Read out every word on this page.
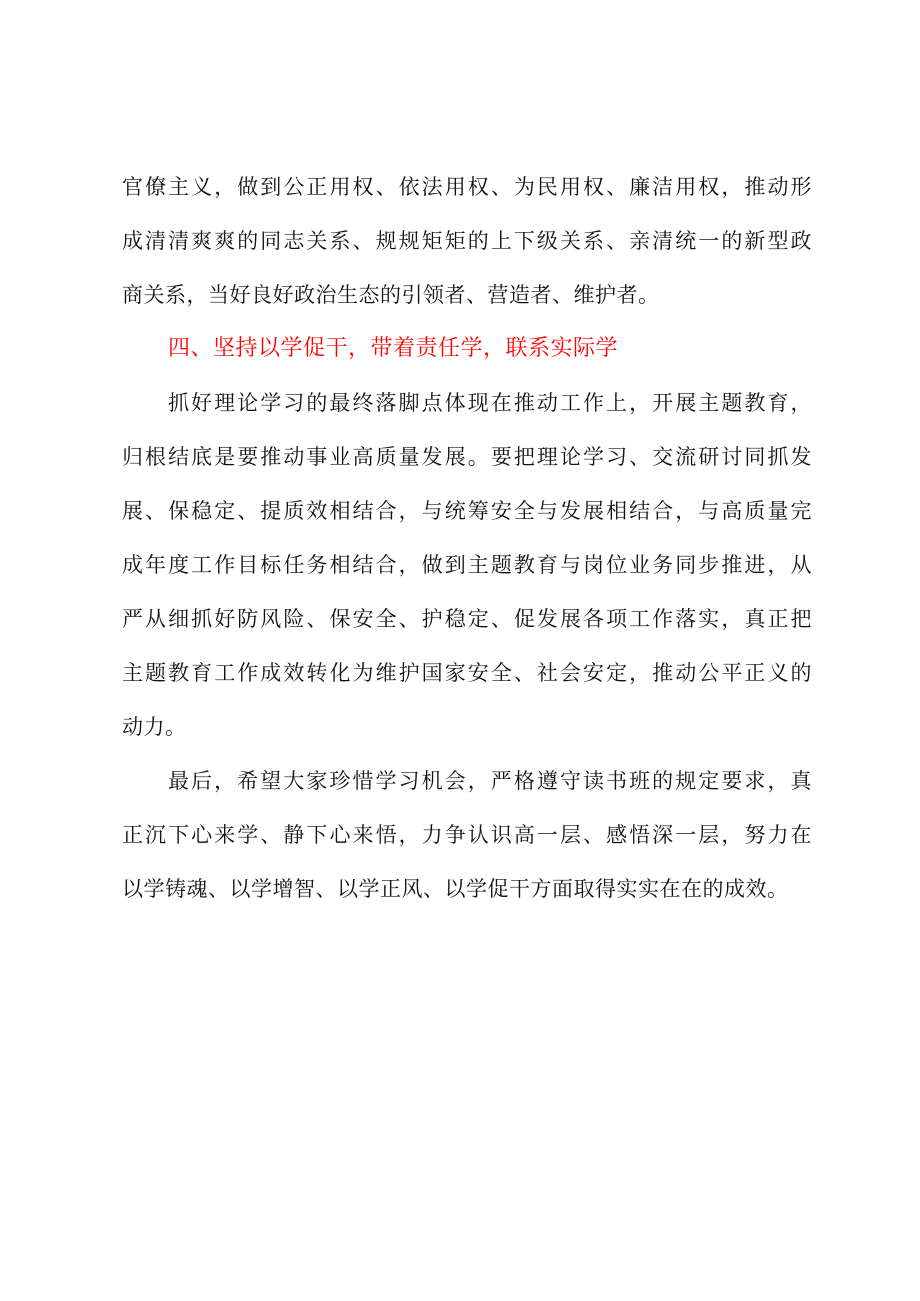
官僚主义，做到公正用权、依法用权、为民用权、廉洁用权，推动形
成清清爽爽的同志关系、规规矩矩的上下级关系、亲清统一的新型政
商关系，当好良好政治生态的引领者、营造者、维护者。
四、坚持以学促干，带着责任学，联系实际学
抓好理论学习的最终落脚点体现在推动工作上，开展主题教育，
归根结底是要推动事业高质量发展。要把理论学习、交流研讨同抓发
展、保稳定、提质效相结合，与统筹安全与发展相结合，与高质量完
成年度工作目标任务相结合，做到主题教育与岗位业务同步推进，从
严从细抓好防风险、保安全、护稳定、促发展各项工作落实，真正把
主题教育工作成效转化为维护国家安全、社会安定，推动公平正义的
动力。
最后，希望大家珍惜学习机会，严格遵守读书班的规定要求，真
正沉下心来学、静下心来悟，力争认识高一层、感悟深一层，努力在
以学铸魂、以学增智、以学正风、以学促干方面取得实实在在的成效。
